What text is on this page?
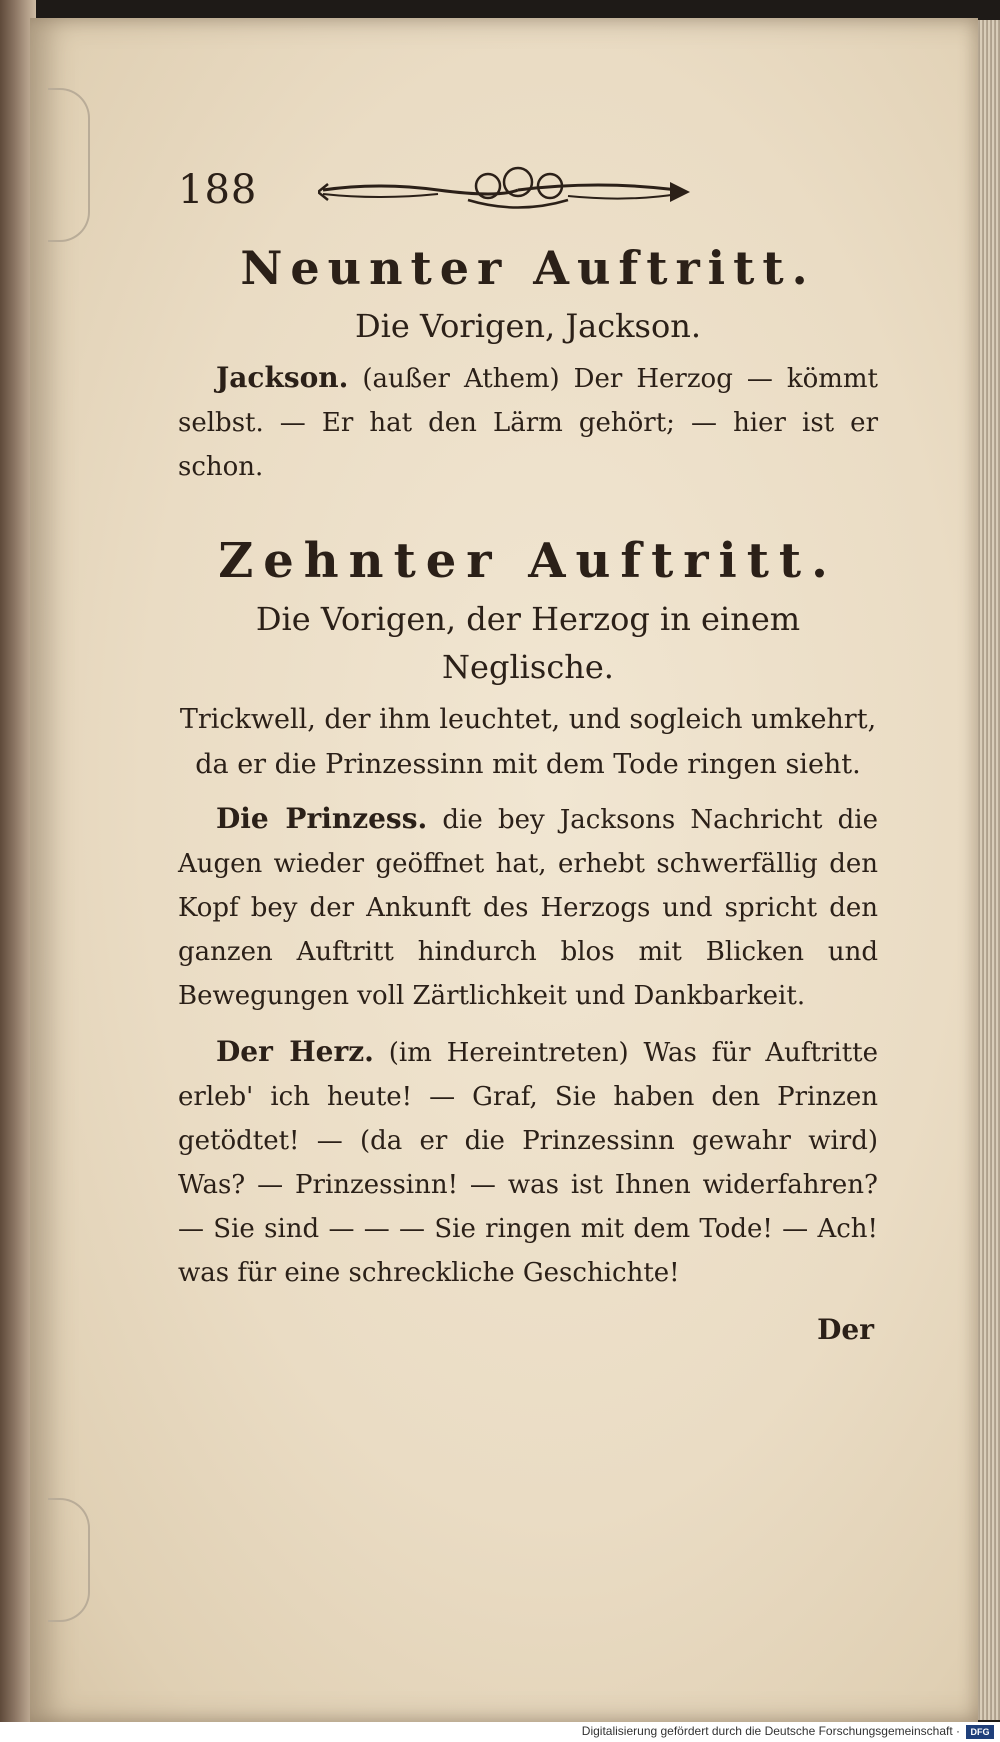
188
Neunter Auftritt.
Die Vorigen, Jackson.

Jackson. (außer Athem) Der Herzog — kömmt selbst. — Er hat den Lärm gehört; — hier ist er schon.

Zehnter Auftritt.
Die Vorigen, der Herzog in einem Neglische.
Trickwell, der ihm leuchtet, und sogleich umkehrt, da er die Prinzessinn mit dem Tode ringen sieht.

Die Prinzess. die bey Jacksons Nachricht die Augen wieder geöffnet hat, erhebt schwerfällig den Kopf bey der Ankunft des Herzogs und spricht den ganzen Auftritt hindurch blos mit Blicken und Bewegungen voll Zärtlichkeit und Dankbarkeit.

Der Herz. (im Hereintreten) Was für Auftritte erleb' ich heute! — Graf, Sie haben den Prinzen getödtet! — (da er die Prinzessinn gewahr wird) Was? — Prinzessinn! — was ist Ihnen widerfahren? — Sie sind — — — Sie ringen mit dem Tode! — Ach! was für eine schreckliche Geschichte!

Der
Digitalisierung gefördert durch die Deutsche Forschungsgemeinschaft ·	DFG
